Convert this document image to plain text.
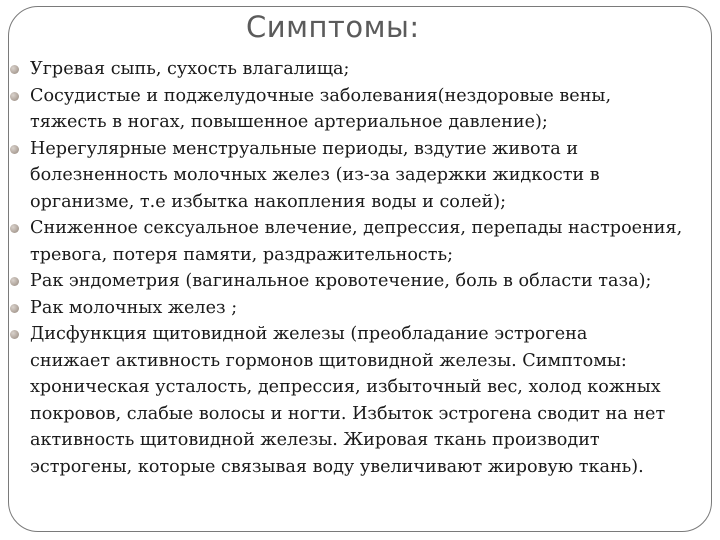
Симптомы:
Угревая сыпь, сухость влагалища;
Сосудистые и поджелудочные заболевания(нездоровые вены,
тяжесть в ногах, повышенное артериальное давление);
Нерегулярные менструальные периоды, вздутие живота и
болезненность молочных желез (из-за задержки жидкости в
организме, т.е избытка накопления воды и солей);
Сниженное сексуальное влечение, депрессия, перепады настроения,
тревога, потеря памяти, раздражительность;
Рак эндометрия (вагинальное кровотечение, боль в области таза);
Рак молочных желез ;
Дисфункция щитовидной железы (преобладание эстрогена
снижает активность гормонов щитовидной железы. Симптомы:
хроническая усталость, депрессия, избыточный вес, холод кожных
покровов, слабые волосы и ногти. Избыток эстрогена сводит на нет
активность щитовидной железы. Жировая ткань производит
эстрогены, которые связывая воду увеличивают жировую ткань).
